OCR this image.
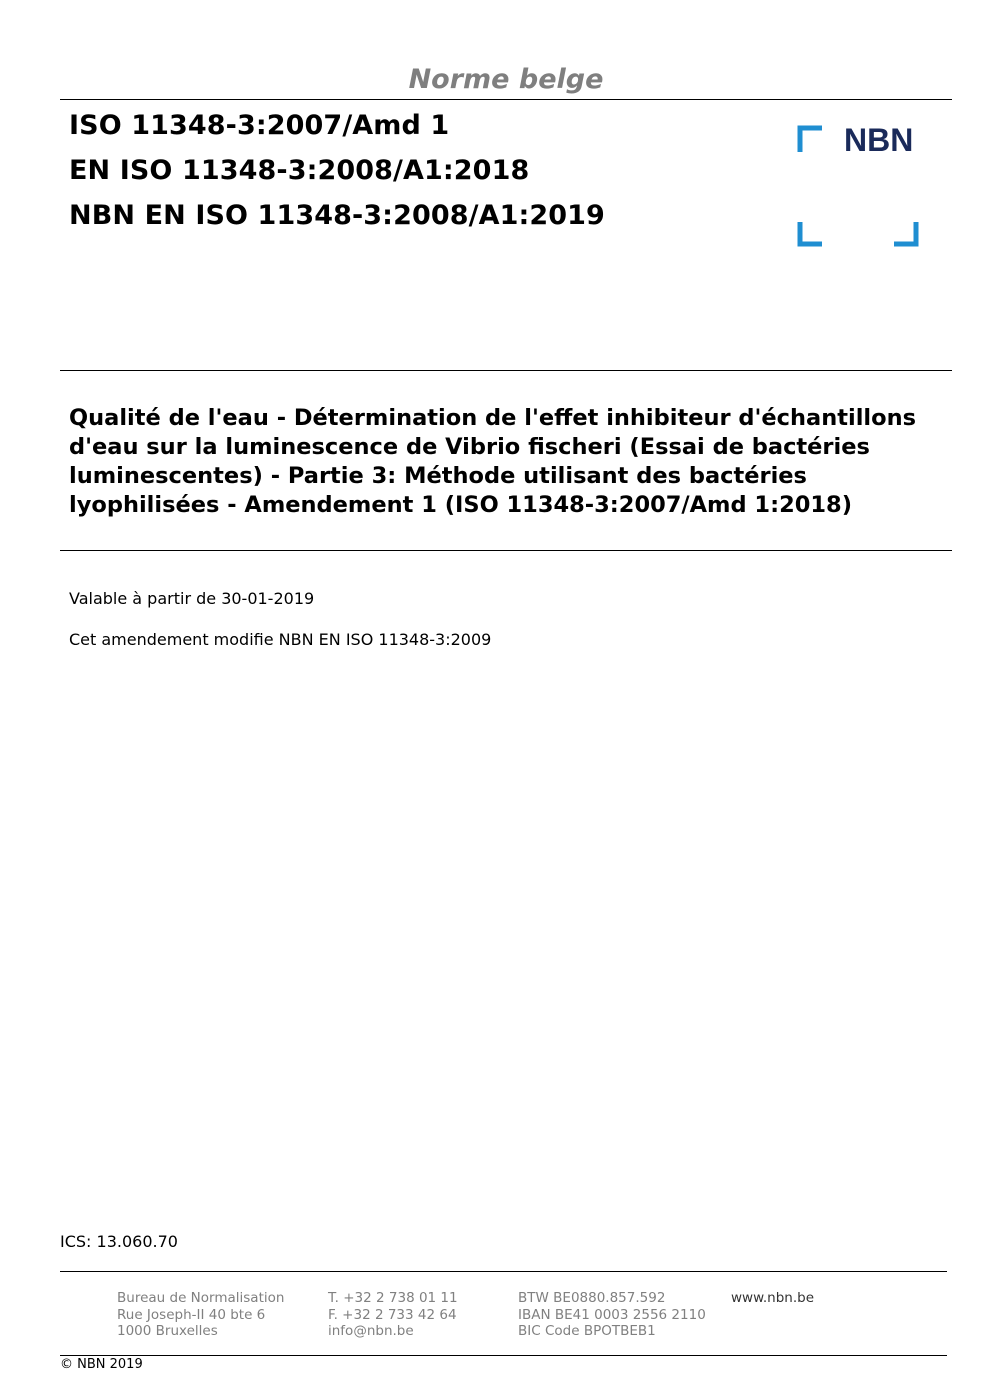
Norme belge
ISO 11348-3:2007/Amd 1
EN ISO 11348-3:2008/A1:2018
NBN EN ISO 11348-3:2008/A1:2019
NBN
Qualité de l'eau - Détermination de l'effet inhibiteur d'échantillons
d'eau sur la luminescence de Vibrio fischeri (Essai de bactéries
luminescentes) - Partie 3: Méthode utilisant des bactéries
lyophilisées - Amendement 1 (ISO 11348-3:2007/Amd 1:2018)
Valable à partir de 30-01-2019
Cet amendement modifie NBN EN ISO 11348-3:2009
ICS: 13.060.70
Bureau de Normalisation
Rue Joseph-II 40 bte 6
1000 Bruxelles
T. +32 2 738 01 11
F. +32 2 733 42 64
info@nbn.be
BTW BE0880.857.592
IBAN BE41 0003 2556 2110
BIC Code BPOTBEB1
www.nbn.be
© NBN 2019
